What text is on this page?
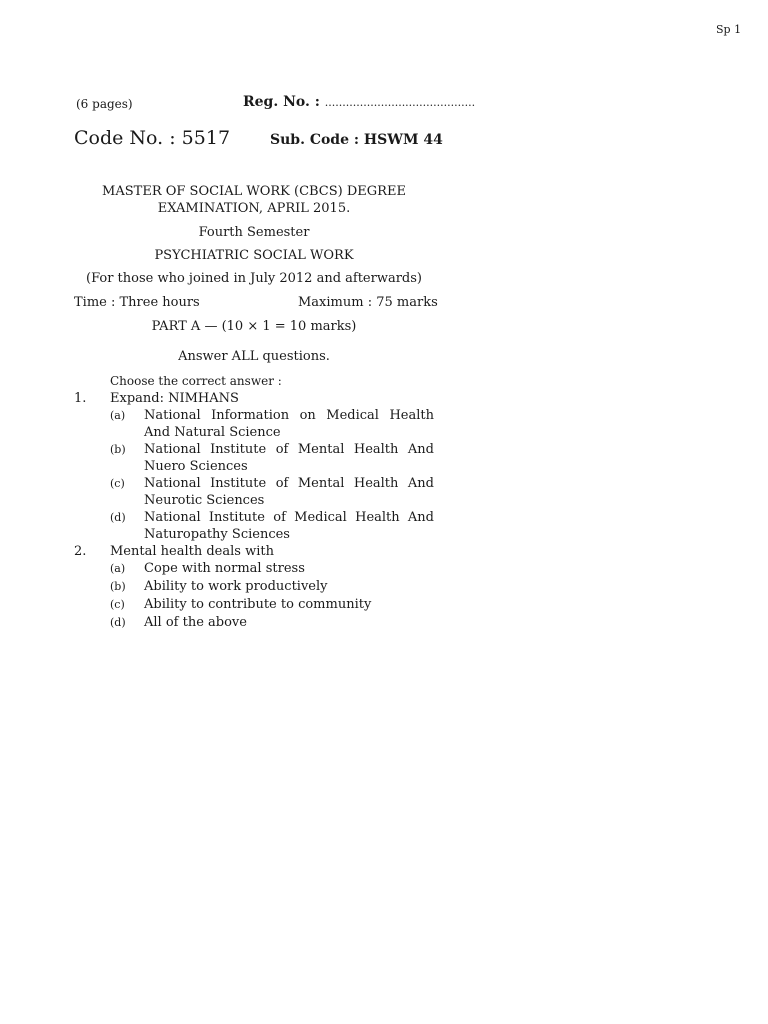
Sp 1
(6 pages)	Reg. No. : ...........................................
Code No. : 5517	Sub. Code : HSWM 44
MASTER OF SOCIAL WORK (CBCS) DEGREE
EXAMINATION, APRIL 2015.
Fourth Semester
PSYCHIATRIC SOCIAL WORK
(For those who joined in July 2012 and afterwards)
Time : Three hours	Maximum : 75 marks
PART A — (10 × 1 = 10 marks)
Answer ALL questions.
Choose the correct answer :
1. Expand: NIMHANS
(a) National Information on Medical Health And Natural Science
(b) National Institute of Mental Health And Nuero Sciences
(c) National Institute of Mental Health And Neurotic Sciences
(d) National Institute of Medical Health And Naturopathy Sciences
2. Mental health deals with
(a) Cope with normal stress
(b) Ability to work productively
(c) Ability to contribute to community
(d) All of the above
